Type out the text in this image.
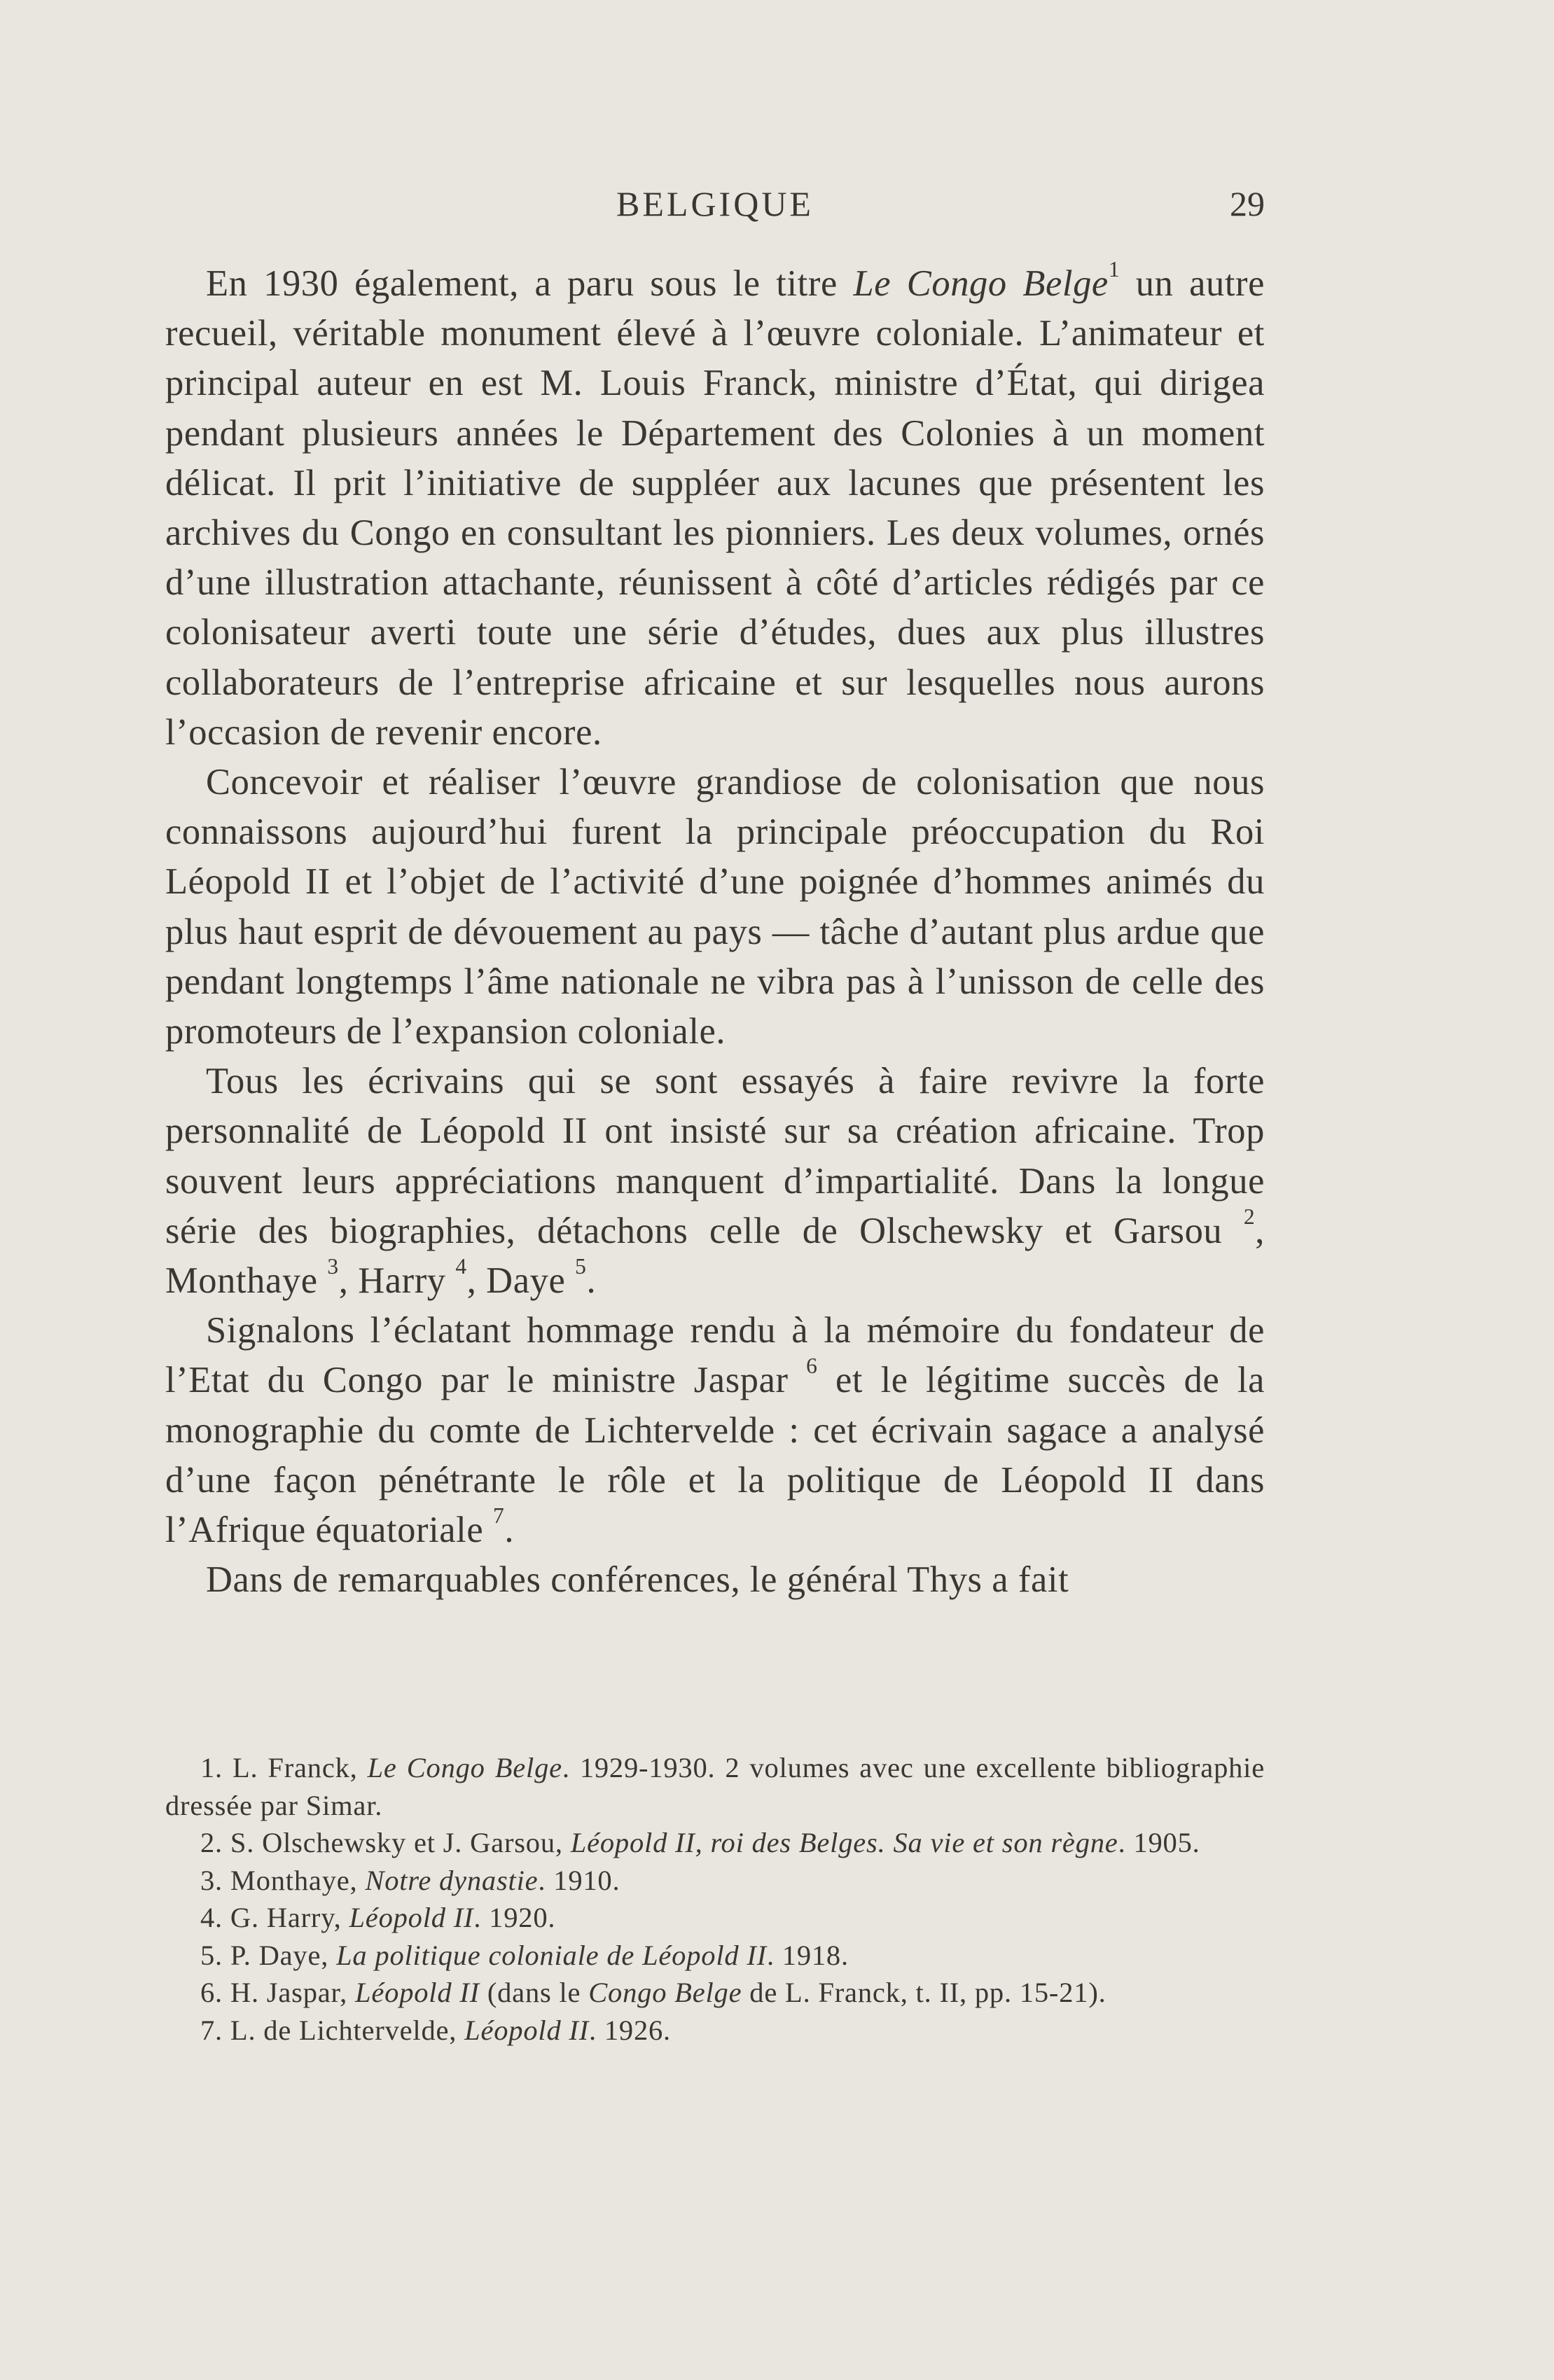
BELGIQUE	29

En 1930 également, a paru sous le titre Le Congo Belge$^1$ un autre recueil, véritable monument élevé à l’œuvre coloniale. L’animateur et principal auteur en est M. Louis Franck, ministre d’État, qui dirigea pendant plusieurs années le Département des Colonies à un moment délicat. Il prit l’initiative de suppléer aux lacunes que présentent les archives du Congo en consultant les pionniers. Les deux volumes, ornés d’une illustration attachante, réunissent à côté d’articles rédigés par ce colonisateur averti toute une série d’études, dues aux plus illustres collaborateurs de l’entreprise africaine et sur lesquelles nous aurons l’occasion de revenir encore.

Concevoir et réaliser l’œuvre grandiose de colonisation que nous connaissons aujourd’hui furent la principale préoccupation du Roi Léopold II et l’objet de l’activité d’une poignée d’hommes animés du plus haut esprit de dévouement au pays — tâche d’autant plus ardue que pendant longtemps l’âme nationale ne vibra pas à l’unisson de celle des promoteurs de l’expansion coloniale.

Tous les écrivains qui se sont essayés à faire revivre la forte personnalité de Léopold II ont insisté sur sa création africaine. Trop souvent leurs appréciations manquent d’impartialité. Dans la longue série des biographies, détachons celle de Olschewsky et Garsou $^2$, Monthaye $^3$, Harry $^4$, Daye $^5$.

Signalons l’éclatant hommage rendu à la mémoire du fondateur de l’Etat du Congo par le ministre Jaspar $^6$ et le légitime succès de la monographie du comte de Lichtervelde : cet écrivain sagace a analysé d’une façon pénétrante le rôle et la politique de Léopold II dans l’Afrique équatoriale $^7$.

Dans de remarquables conférences, le général Thys a fait

1. L. Franck, Le Congo Belge. 1929-1930. 2 volumes avec une excellente bibliographie dressée par Simar.

2. S. Olschewsky et J. Garsou, Léopold II, roi des Belges. Sa vie et son règne. 1905.

3. Monthaye, Notre dynastie. 1910.

4. G. Harry, Léopold II. 1920.

5. P. Daye, La politique coloniale de Léopold II. 1918.

6. H. Jaspar, Léopold II (dans le Congo Belge de L. Franck, t. II, pp. 15-21).

7. L. de Lichtervelde, Léopold II. 1926.
